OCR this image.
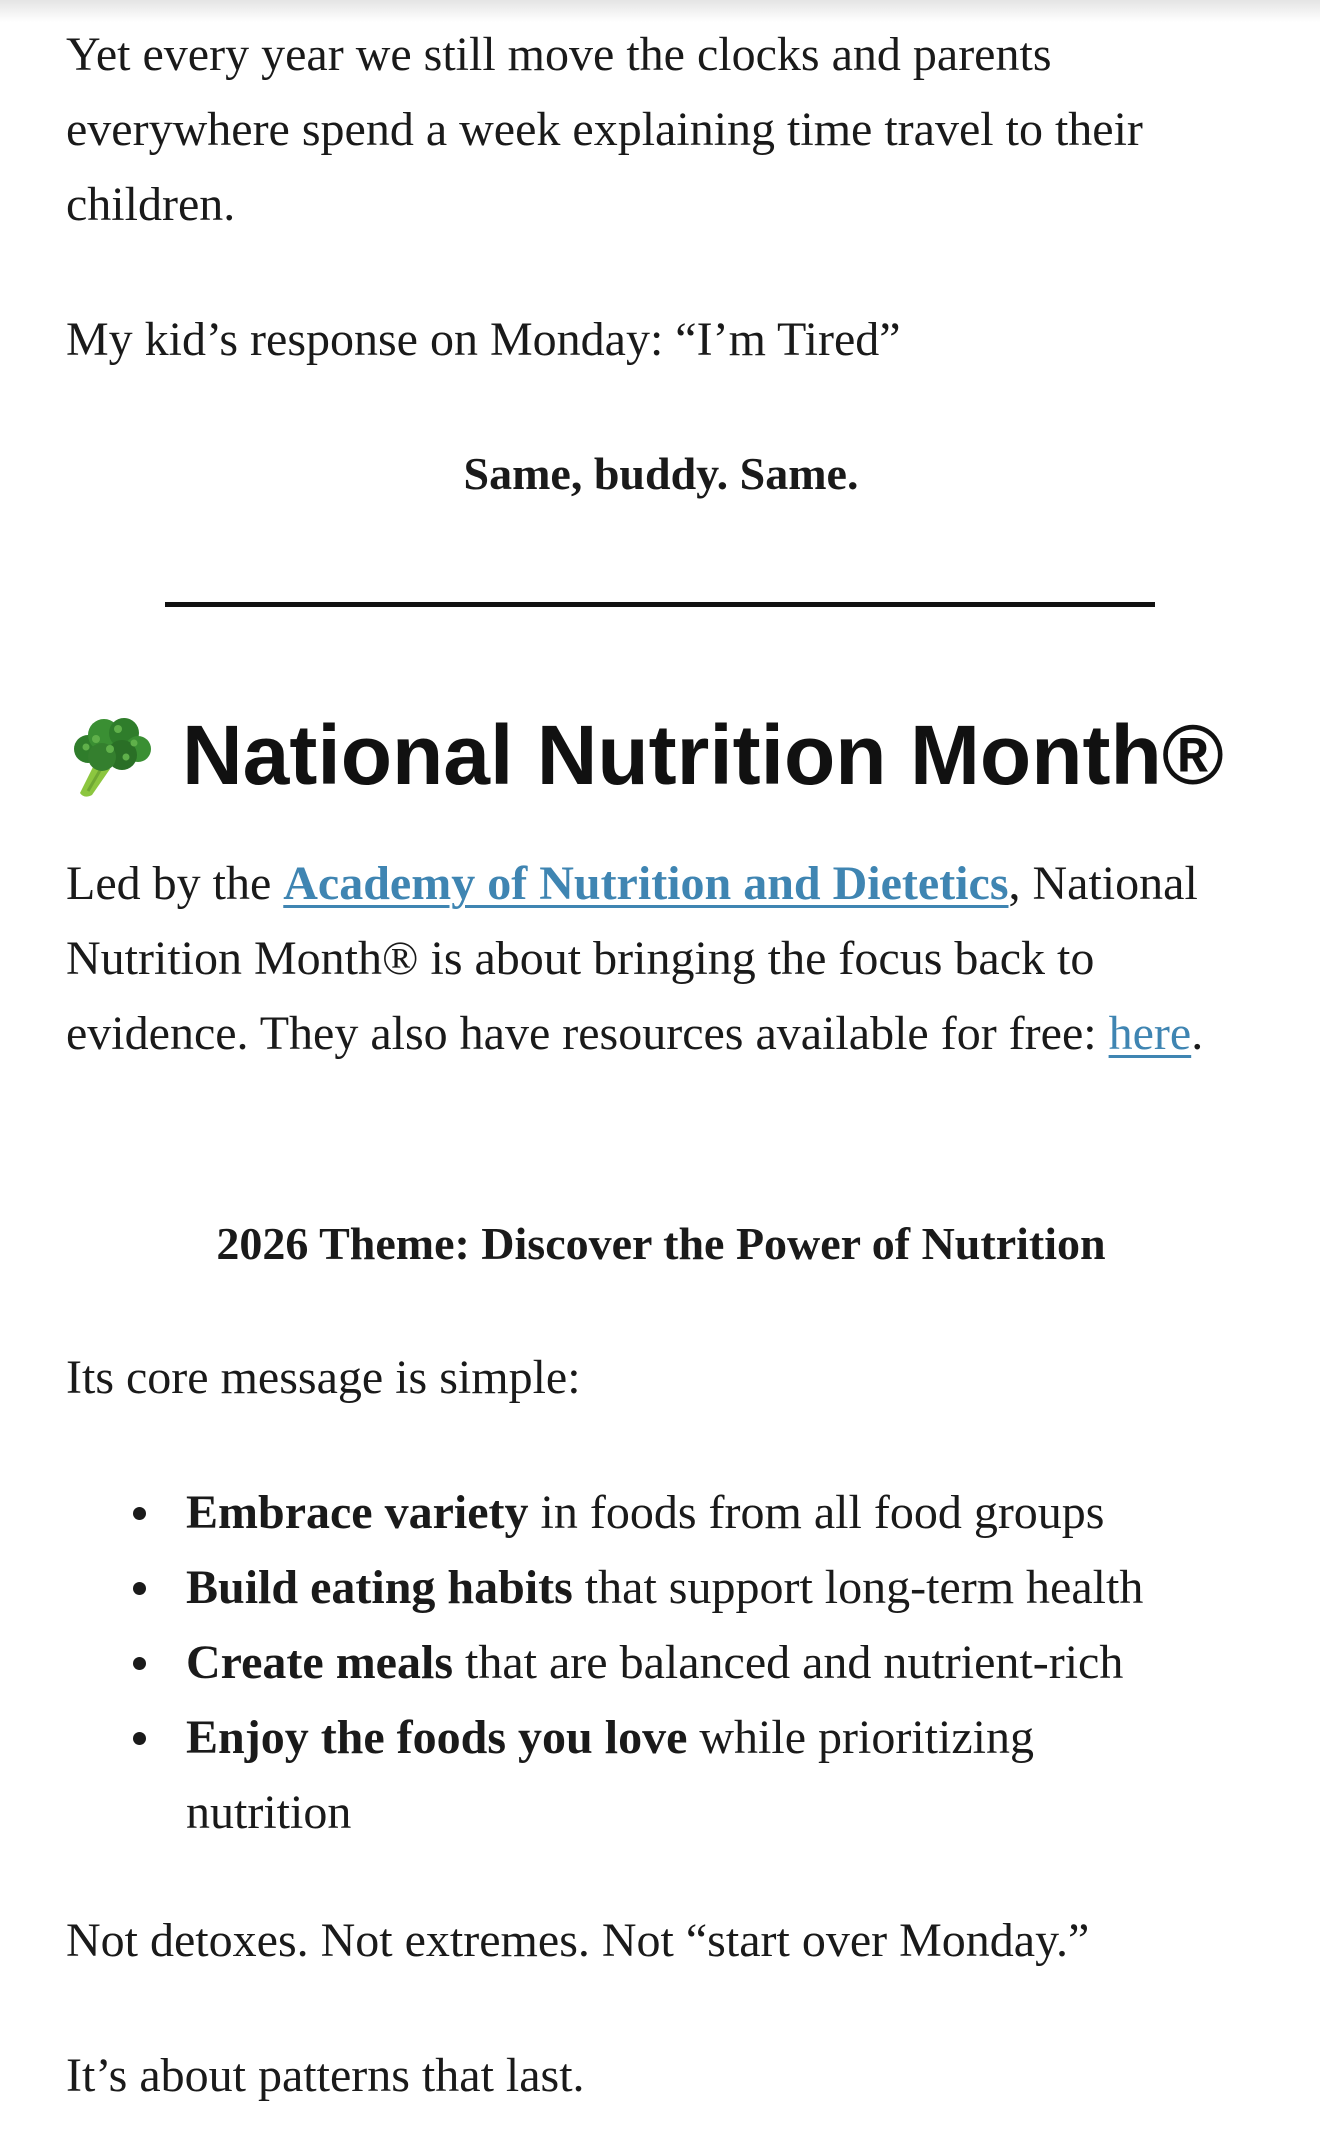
Yet every year we still move the clocks and parents everywhere spend a week explaining time travel to their children.

My kid’s response on Monday: “I’m Tired”

Same, buddy. Same.
National Nutrition Month®

Led by the Academy of Nutrition and Dietetics, National Nutrition Month® is about bringing the focus back to evidence. They also have resources available for free: here.

2026 Theme: Discover the Power of Nutrition

Its core message is simple:

Embrace variety in foods from all food groups
Build eating habits that support long-term health
Create meals that are balanced and nutrient-rich
Enjoy the foods you love while prioritizing nutrition

Not detoxes. Not extremes. Not “start over Monday.”

It’s about patterns that last.
